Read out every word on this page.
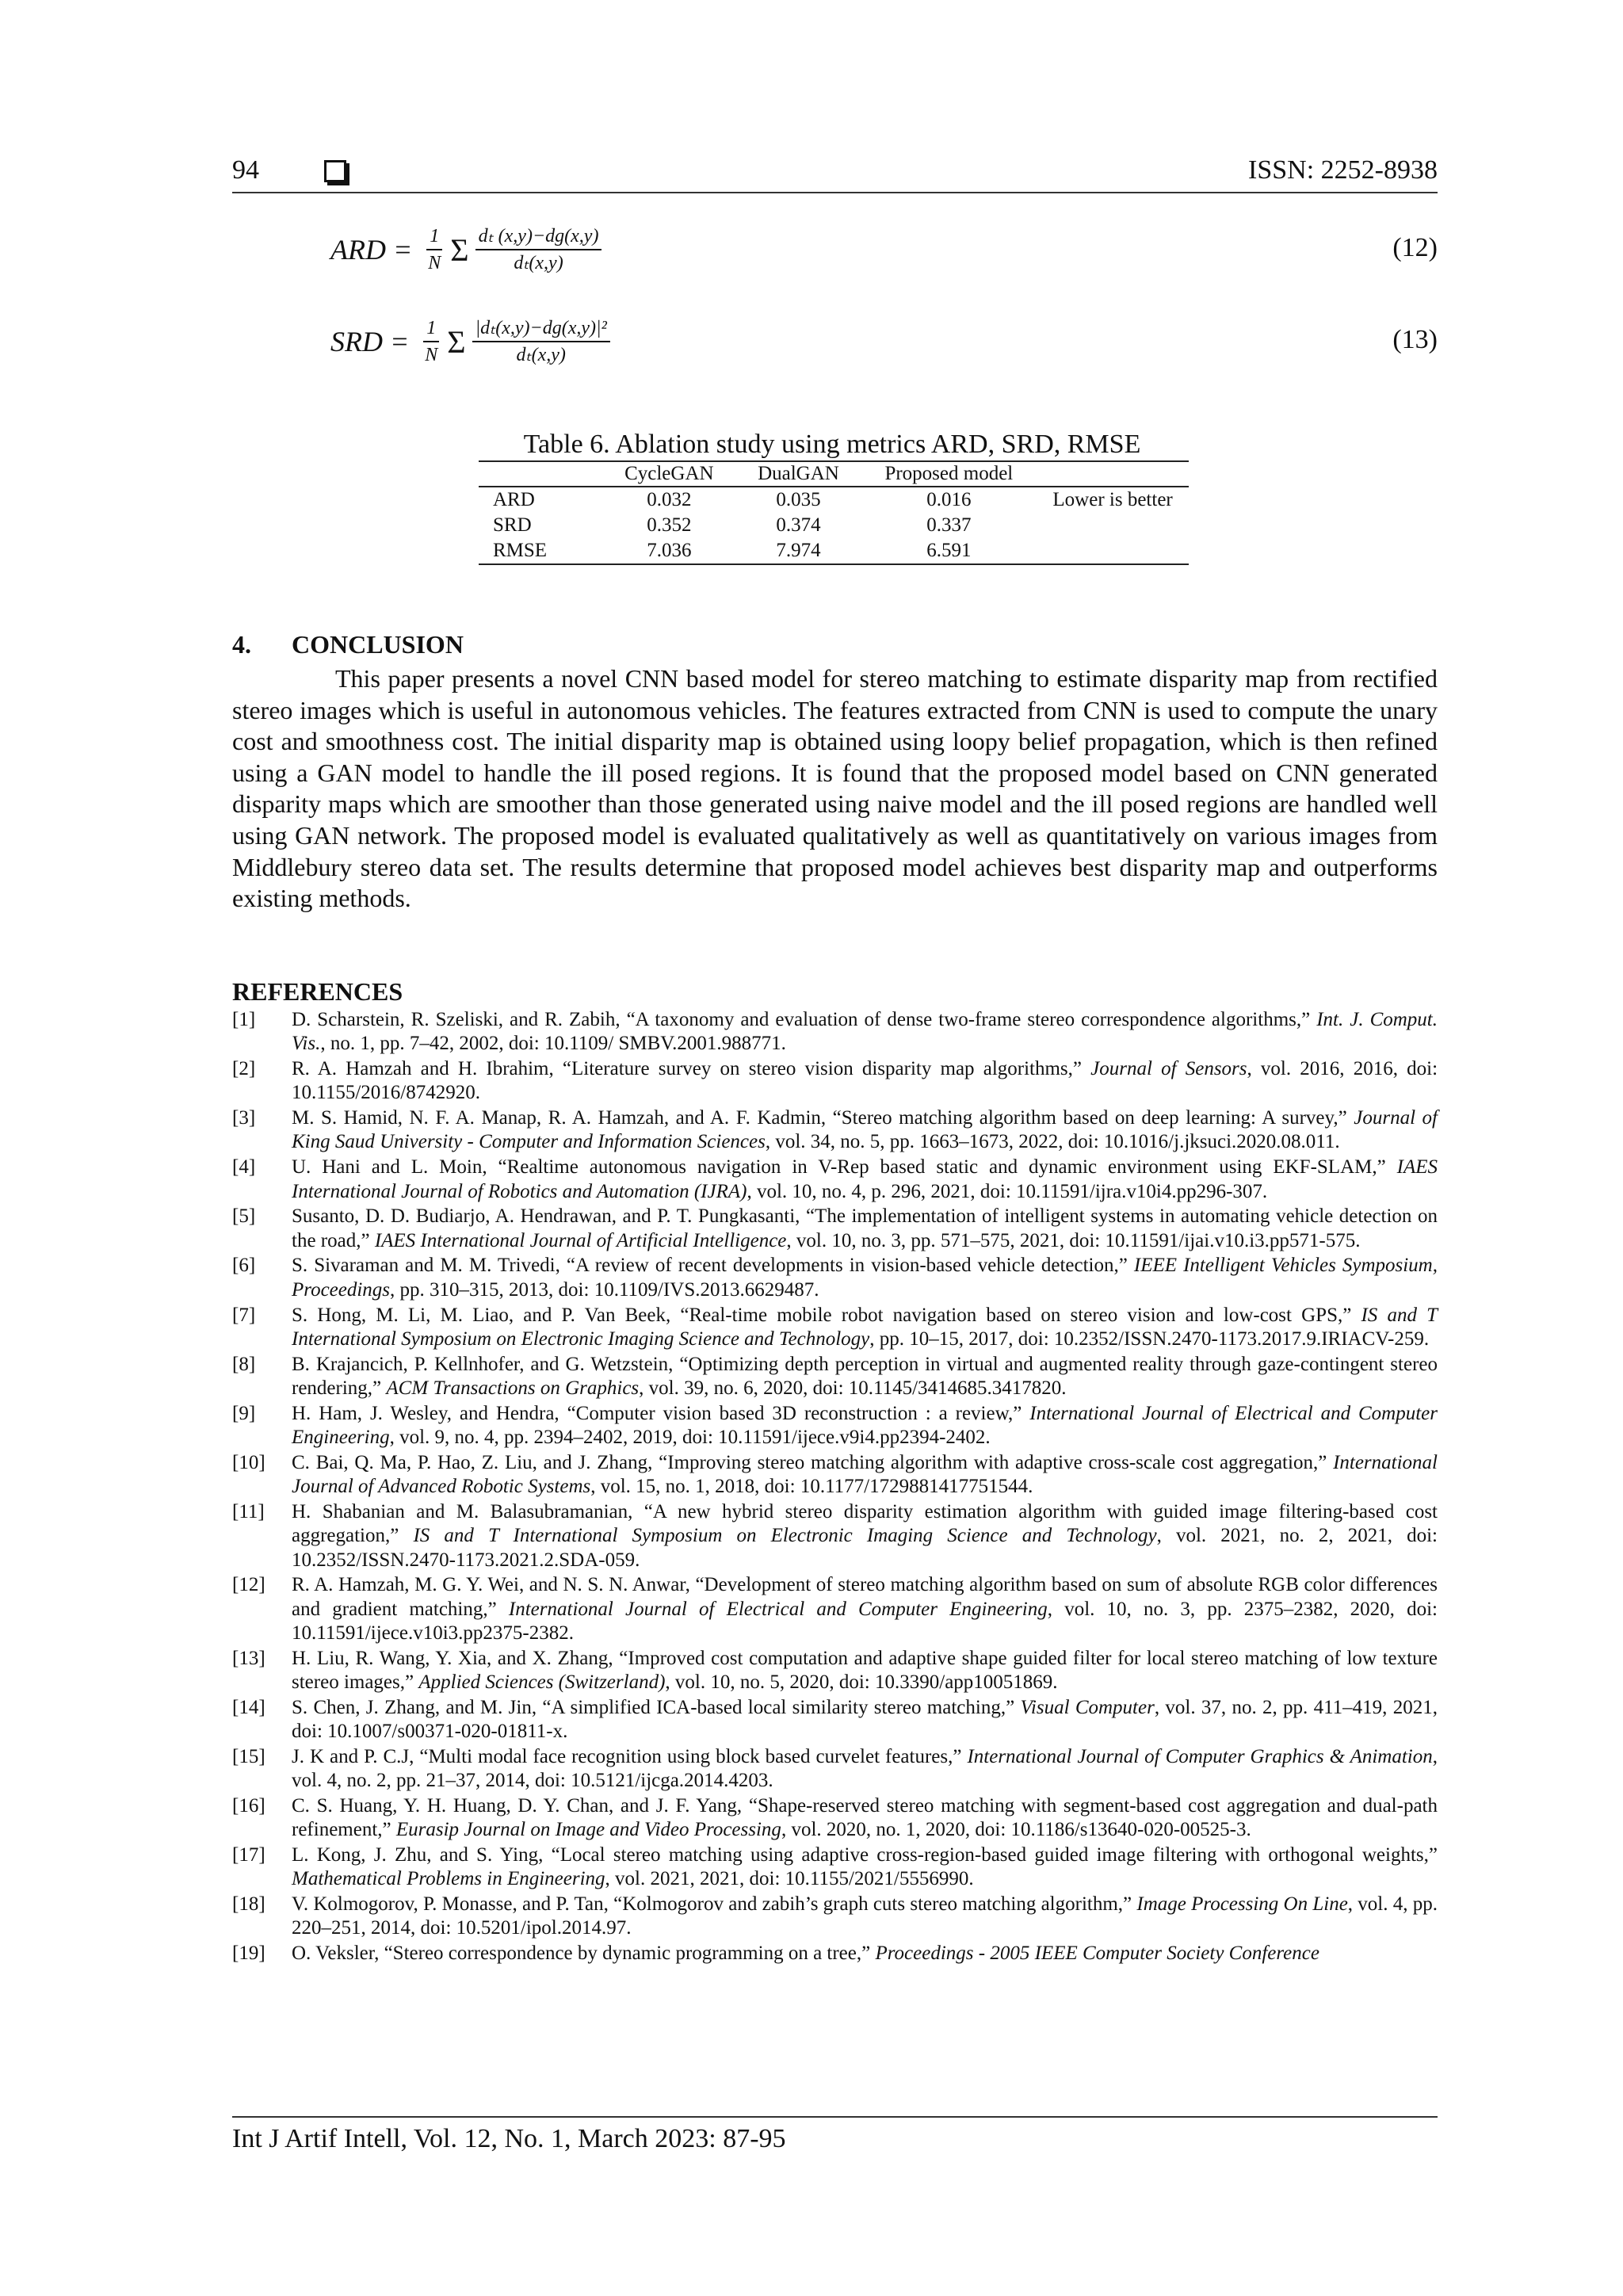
94	ISSN: 2252-8938
ARD = $\frac{1}{N}$ Σ $\frac{\text{dₜ (x,y)−dg(x,y)}}{\text{dₜ(x,y)}}$	(12)
SRD = $\frac{1}{N}$ Σ $\frac{\text{|dₜ(x,y)−dg(x,y)|²}}{\text{dₜ(x,y)}}$	(13)
Table 6. Ablation study using metrics ARD, SRD, RMSE
	CycleGAN	DualGAN	Proposed model	
ARD	0.032	0.035	0.016	Lower is better
SRD	0.352	0.374	0.337	
RMSE	7.036	7.974	6.591	
4. CONCLUSION

This paper presents a novel CNN based model for stereo matching to estimate disparity map from rectified stereo images which is useful in autonomous vehicles. The features extracted from CNN is used to compute the unary cost and smoothness cost. The initial disparity map is obtained using loopy belief propagation, which is then refined using a GAN model to handle the ill posed regions. It is found that the proposed model based on CNN generated disparity maps which are smoother than those generated using naive model and the ill posed regions are handled well using GAN network. The proposed model is evaluated qualitatively as well as quantitatively on various images from Middlebury stereo data set. The results determine that proposed model achieves best disparity map and outperforms existing methods.

REFERENCES
[1] D. Scharstein, R. Szeliski, and R. Zabih, “A taxonomy and evaluation of dense two-frame stereo correspondence algorithms,” Int. J. Comput. Vis., no. 1, pp. 7–42, 2002, doi: 10.1109/ SMBV.2001.988771.
[2] R. A. Hamzah and H. Ibrahim, “Literature survey on stereo vision disparity map algorithms,” Journal of Sensors, vol. 2016, 2016, doi: 10.1155/2016/8742920.
[3] M. S. Hamid, N. F. A. Manap, R. A. Hamzah, and A. F. Kadmin, “Stereo matching algorithm based on deep learning: A survey,” Journal of King Saud University - Computer and Information Sciences, vol. 34, no. 5, pp. 1663–1673, 2022, doi: 10.1016/j.jksuci.2020.08.011.
[4] U. Hani and L. Moin, “Realtime autonomous navigation in V-Rep based static and dynamic environment using EKF-SLAM,” IAES International Journal of Robotics and Automation (IJRA), vol. 10, no. 4, p. 296, 2021, doi: 10.11591/ijra.v10i4.pp296-307.
[5] Susanto, D. D. Budiarjo, A. Hendrawan, and P. T. Pungkasanti, “The implementation of intelligent systems in automating vehicle detection on the road,” IAES International Journal of Artificial Intelligence, vol. 10, no. 3, pp. 571–575, 2021, doi: 10.11591/ijai.v10.i3.pp571-575.
[6] S. Sivaraman and M. M. Trivedi, “A review of recent developments in vision-based vehicle detection,” IEEE Intelligent Vehicles Symposium, Proceedings, pp. 310–315, 2013, doi: 10.1109/IVS.2013.6629487.
[7] S. Hong, M. Li, M. Liao, and P. Van Beek, “Real-time mobile robot navigation based on stereo vision and low-cost GPS,” IS and T International Symposium on Electronic Imaging Science and Technology, pp. 10–15, 2017, doi: 10.2352/ISSN.2470-1173.2017.9.IRIACV-259.
[8] B. Krajancich, P. Kellnhofer, and G. Wetzstein, “Optimizing depth perception in virtual and augmented reality through gaze-contingent stereo rendering,” ACM Transactions on Graphics, vol. 39, no. 6, 2020, doi: 10.1145/3414685.3417820.
[9] H. Ham, J. Wesley, and Hendra, “Computer vision based 3D reconstruction : a review,” International Journal of Electrical and Computer Engineering, vol. 9, no. 4, pp. 2394–2402, 2019, doi: 10.11591/ijece.v9i4.pp2394-2402.
[10] C. Bai, Q. Ma, P. Hao, Z. Liu, and J. Zhang, “Improving stereo matching algorithm with adaptive cross-scale cost aggregation,” International Journal of Advanced Robotic Systems, vol. 15, no. 1, 2018, doi: 10.1177/1729881417751544.
[11] H. Shabanian and M. Balasubramanian, “A new hybrid stereo disparity estimation algorithm with guided image filtering-based cost aggregation,” IS and T International Symposium on Electronic Imaging Science and Technology, vol. 2021, no. 2, 2021, doi: 10.2352/ISSN.2470-1173.2021.2.SDA-059.
[12] R. A. Hamzah, M. G. Y. Wei, and N. S. N. Anwar, “Development of stereo matching algorithm based on sum of absolute RGB color differences and gradient matching,” International Journal of Electrical and Computer Engineering, vol. 10, no. 3, pp. 2375–2382, 2020, doi: 10.11591/ijece.v10i3.pp2375-2382.
[13] H. Liu, R. Wang, Y. Xia, and X. Zhang, “Improved cost computation and adaptive shape guided filter for local stereo matching of low texture stereo images,” Applied Sciences (Switzerland), vol. 10, no. 5, 2020, doi: 10.3390/app10051869.
[14] S. Chen, J. Zhang, and M. Jin, “A simplified ICA-based local similarity stereo matching,” Visual Computer, vol. 37, no. 2, pp. 411–419, 2021, doi: 10.1007/s00371-020-01811-x.
[15] J. K and P. C.J, “Multi modal face recognition using block based curvelet features,” International Journal of Computer Graphics & Animation, vol. 4, no. 2, pp. 21–37, 2014, doi: 10.5121/ijcga.2014.4203.
[16] C. S. Huang, Y. H. Huang, D. Y. Chan, and J. F. Yang, “Shape-reserved stereo matching with segment-based cost aggregation and dual-path refinement,” Eurasip Journal on Image and Video Processing, vol. 2020, no. 1, 2020, doi: 10.1186/s13640-020-00525-3.
[17] L. Kong, J. Zhu, and S. Ying, “Local stereo matching using adaptive cross-region-based guided image filtering with orthogonal weights,” Mathematical Problems in Engineering, vol. 2021, 2021, doi: 10.1155/2021/5556990.
[18] V. Kolmogorov, P. Monasse, and P. Tan, “Kolmogorov and zabih’s graph cuts stereo matching algorithm,” Image Processing On Line, vol. 4, pp. 220–251, 2014, doi: 10.5201/ipol.2014.97.
[19] O. Veksler, “Stereo correspondence by dynamic programming on a tree,” Proceedings - 2005 IEEE Computer Society Conference
Int J Artif Intell, Vol. 12, No. 1, March 2023: 87-95
